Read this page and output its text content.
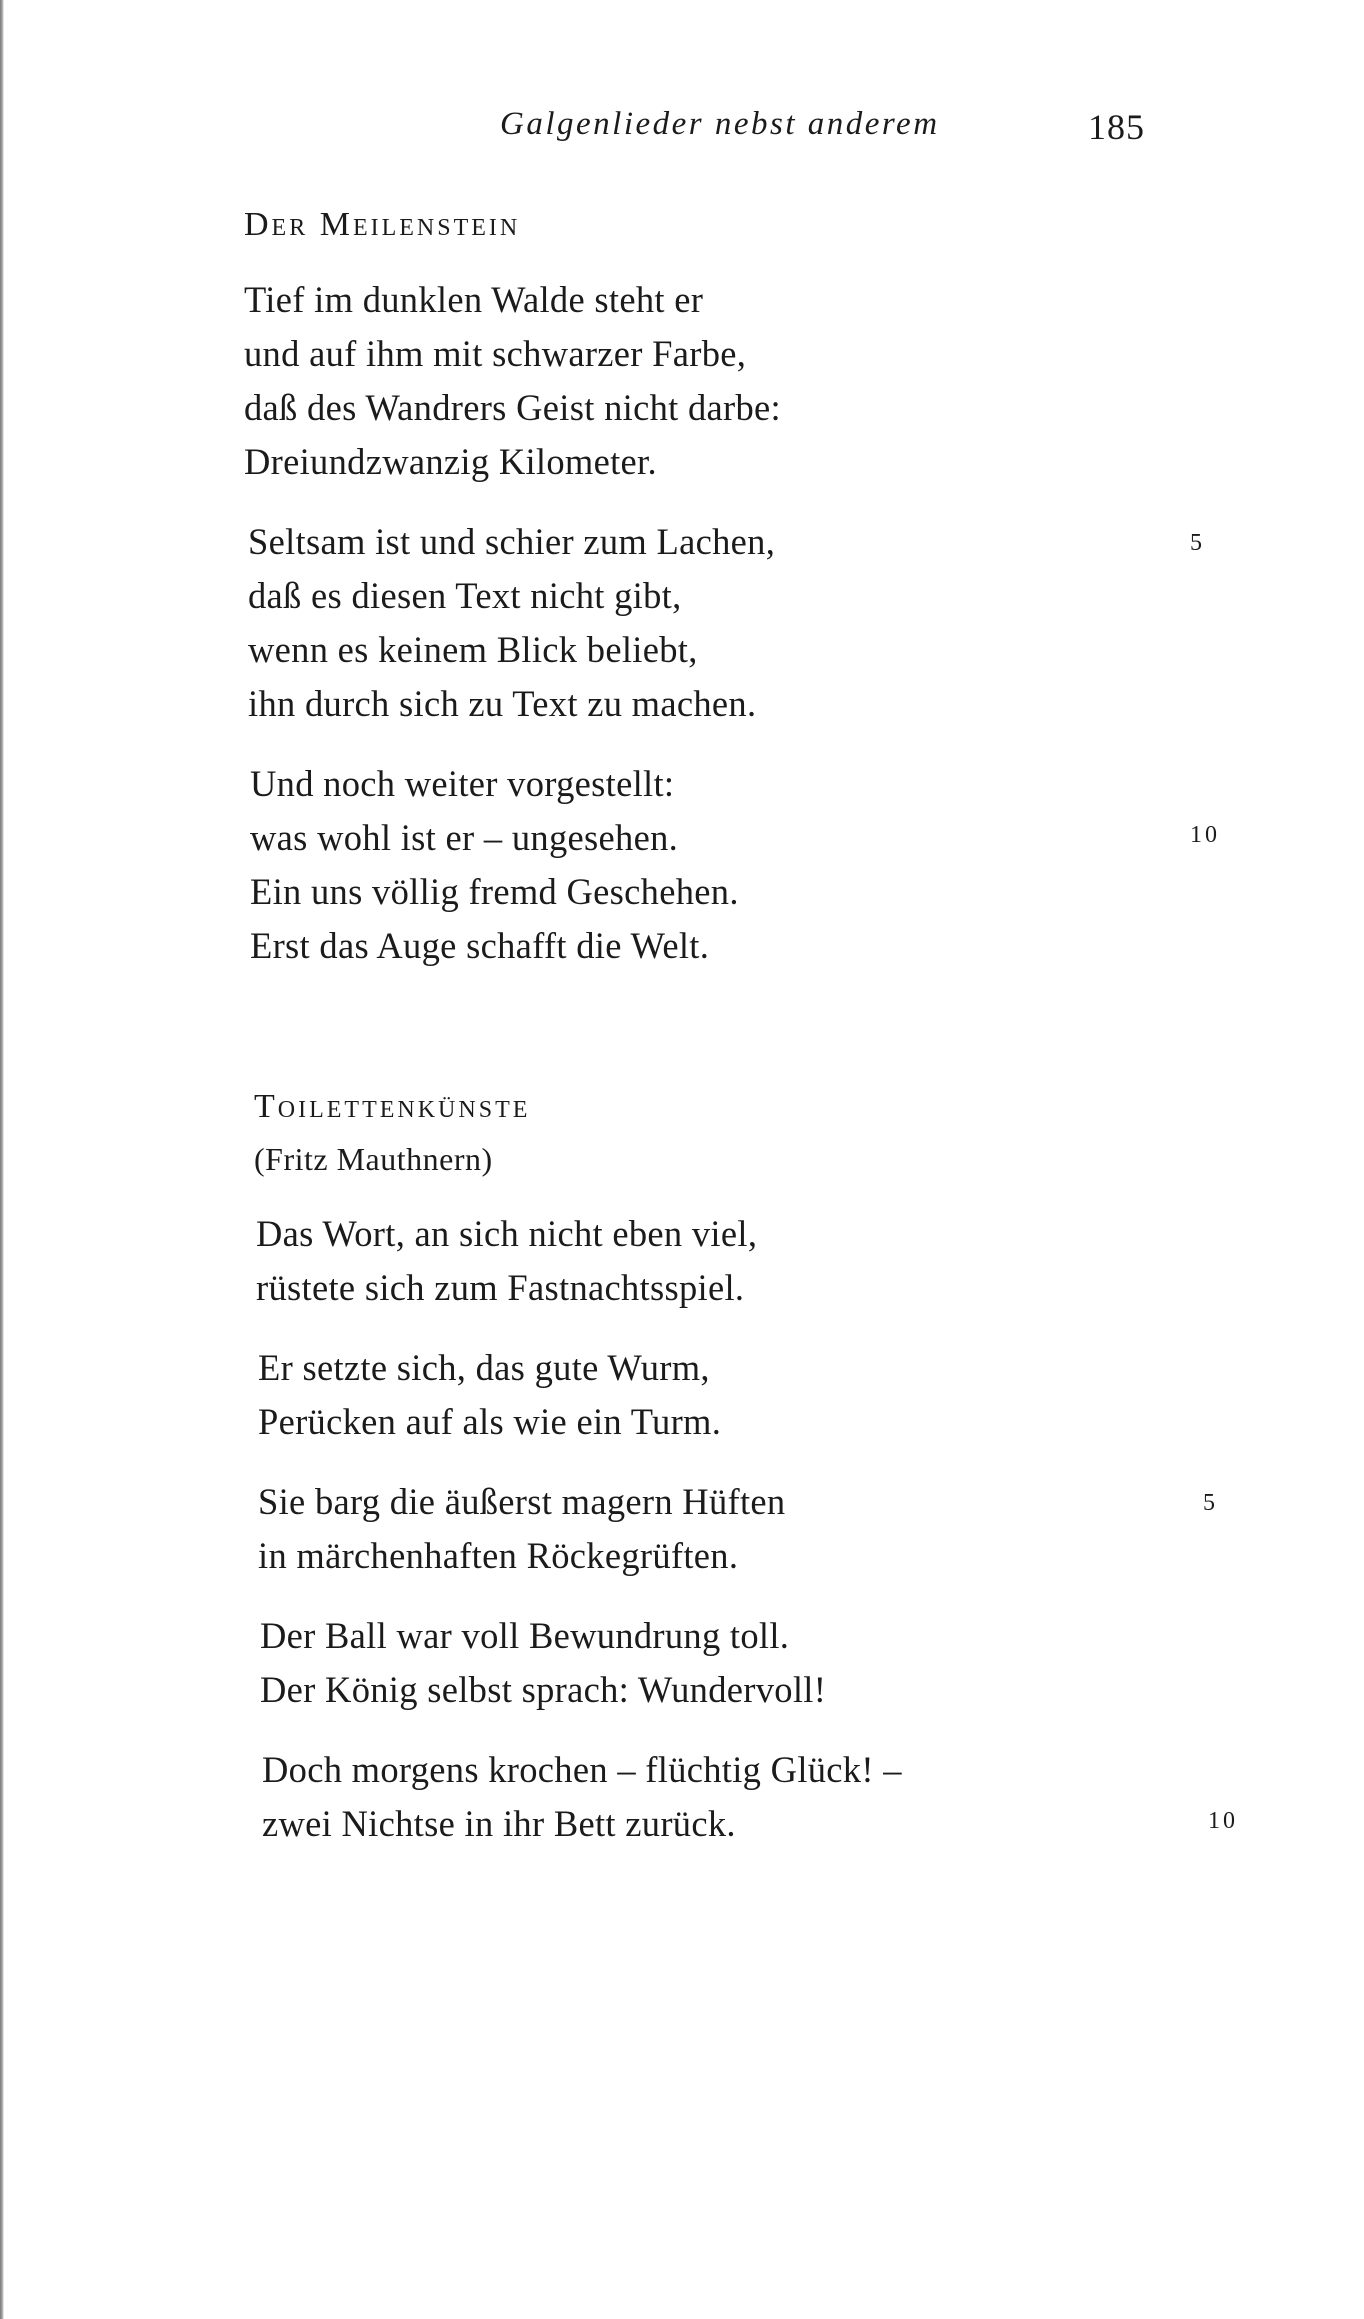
Galgenlieder nebst anderem	185
Der Meilenstein
Tief im dunklen Walde steht er
und auf ihm mit schwarzer Farbe,
daß des Wandrers Geist nicht darbe:
Dreiundzwanzig Kilometer.
Seltsam ist und schier zum Lachen,
daß es diesen Text nicht gibt,
wenn es keinem Blick beliebt,
ihn durch sich zu Text zu machen.
Und noch weiter vorgestellt:
was wohl ist er – ungesehen.
Ein uns völlig fremd Geschehen.
Erst das Auge schafft die Welt.
5
10
Toilettenkünste
(Fritz Mauthnern)
Das Wort, an sich nicht eben viel,
rüstete sich zum Fastnachtsspiel.
Er setzte sich, das gute Wurm,
Perücken auf als wie ein Turm.
Sie barg die äußerst magern Hüften
in märchenhaften Röckegrüften.
Der Ball war voll Bewundrung toll.
Der König selbst sprach: Wundervoll!
Doch morgens krochen – flüchtig Glück! –
zwei Nichtse in ihr Bett zurück.
5
10
